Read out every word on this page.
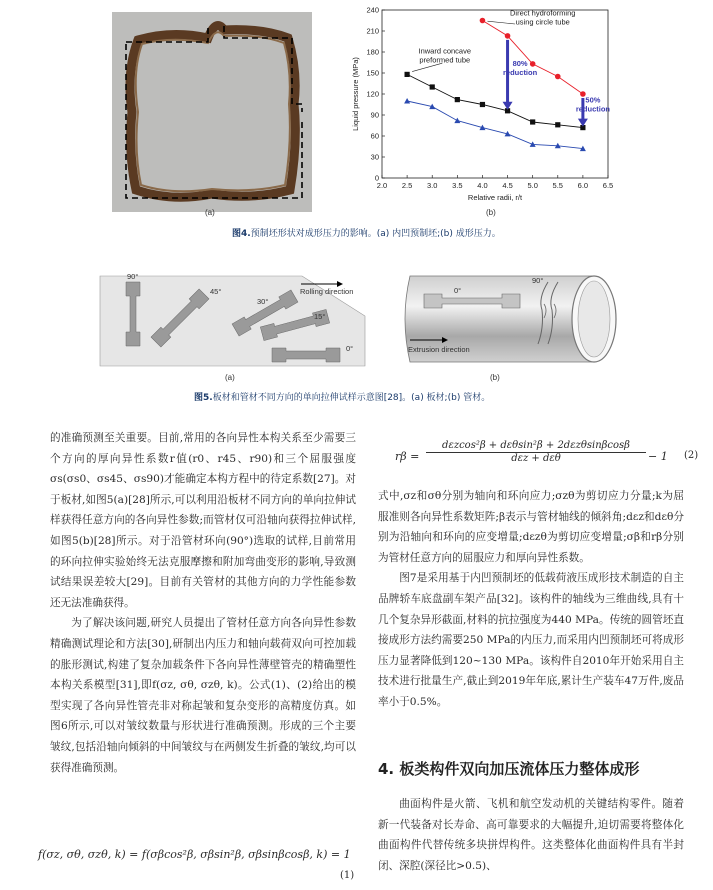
(a)
2.0 2.5 3.0 3.5 4.0 4.5 5.0 5.5 6.0 6.5
0
30
60
90
120
150
180
210
240
Relative radii, r/t
Liquid pressure (MPa)
Direct hydroforming using circle tube
Inward concave preformed tube	80% reduction
50% reduction
(b)
图4.预制坯形状对成形压力的影响。(a) 内凹预制坯;(b) 成形压力。
90°
45°
30°
15°
0°
Rolling direction
(a)
0°
90°
Extrusion direction
(b)
图5.板材和管材不同方向的单向拉伸试样示意图[28]。(a) 板材;(b) 管材。

的准确预测至关重要。目前,常用的各向异性本构关系至少需要三个方向的厚向异性系数r值(r0、r45、r90)和三个屈服强度σs(σs0、σs45、σs90)才能确定本构方程中的待定系数[27]。对于板材,如图5(a)[28]所示,可以利用沿板材不同方向的单向拉伸试样获得任意方向的各向异性参数;而管材仅可沿轴向获得拉伸试样,如图5(b)[28]所示。对于沿管材环向(90°)选取的试样,目前常用的环向拉伸实验始终无法克服摩擦和附加弯曲变形的影响,导致测试结果误差较大[29]。目前有关管材的其他方向的力学性能参数还无法准确获得。

为了解决该问题,研究人员提出了管材任意方向各向异性参数精确测试理论和方法[30],研制出内压力和轴向载荷双向可控加载的胀形测试,构建了复杂加载条件下各向异性薄壁管壳的精确塑性本构关系模型[31],即f(σz, σθ, σzθ, k)。公式(1)、(2)给出的模型实现了各向异性管壳非对称起皱和复杂变形的高精度仿真。如图6所示,可以对皱纹数量与形状进行准确预测。形成的三个主要皱纹,包括沿轴向倾斜的中间皱纹与在两侧发生折叠的皱纹,均可以获得准确预测。

f(σz, σθ, σzθ, k) = f(σβcos²β, σβsin²β, σβsinβcosβ, k) = 1
(1)
rβ =
dεzcos²β + dεθsin²β + 2dεzθsinβcosβ
dεz + dεθ	− 1 (2)

式中,σz和σθ分别为轴向和环向应力;σzθ为剪切应力分量;k为屈服准则各向异性系数矩阵;β表示与管材轴线的倾斜角;dεz和dεθ分别为沿轴向和环向的应变增量;dεzθ为剪切应变增量;σβ和rβ分别为管材任意方向的屈服应力和厚向异性系数。

图7是采用基于内凹预制坯的低载荷液压成形技术制造的自主品牌轿车底盘副车架产品[32]。该构件的轴线为三维曲线,具有十几个复杂异形截面,材料的抗拉强度为440 MPa。传统的圆管坯直接成形方法约需要250 MPa的内压力,而采用内凹预制坯可将成形压力显著降低到120~130 MPa。该构件自2010年开始采用自主技术进行批量生产,截止到2019年年底,累计生产装车47万件,废品率小于0.5%。

4. 板类构件双向加压流体压力整体成形

曲面构件是火箭、飞机和航空发动机的关键结构零件。随着新一代装备对长寿命、高可靠要求的大幅提升,迫切需要将整体化曲面构件代替传统多块拼焊构件。这类整体化曲面构件具有半封闭、深腔(深径比>0.5)、
